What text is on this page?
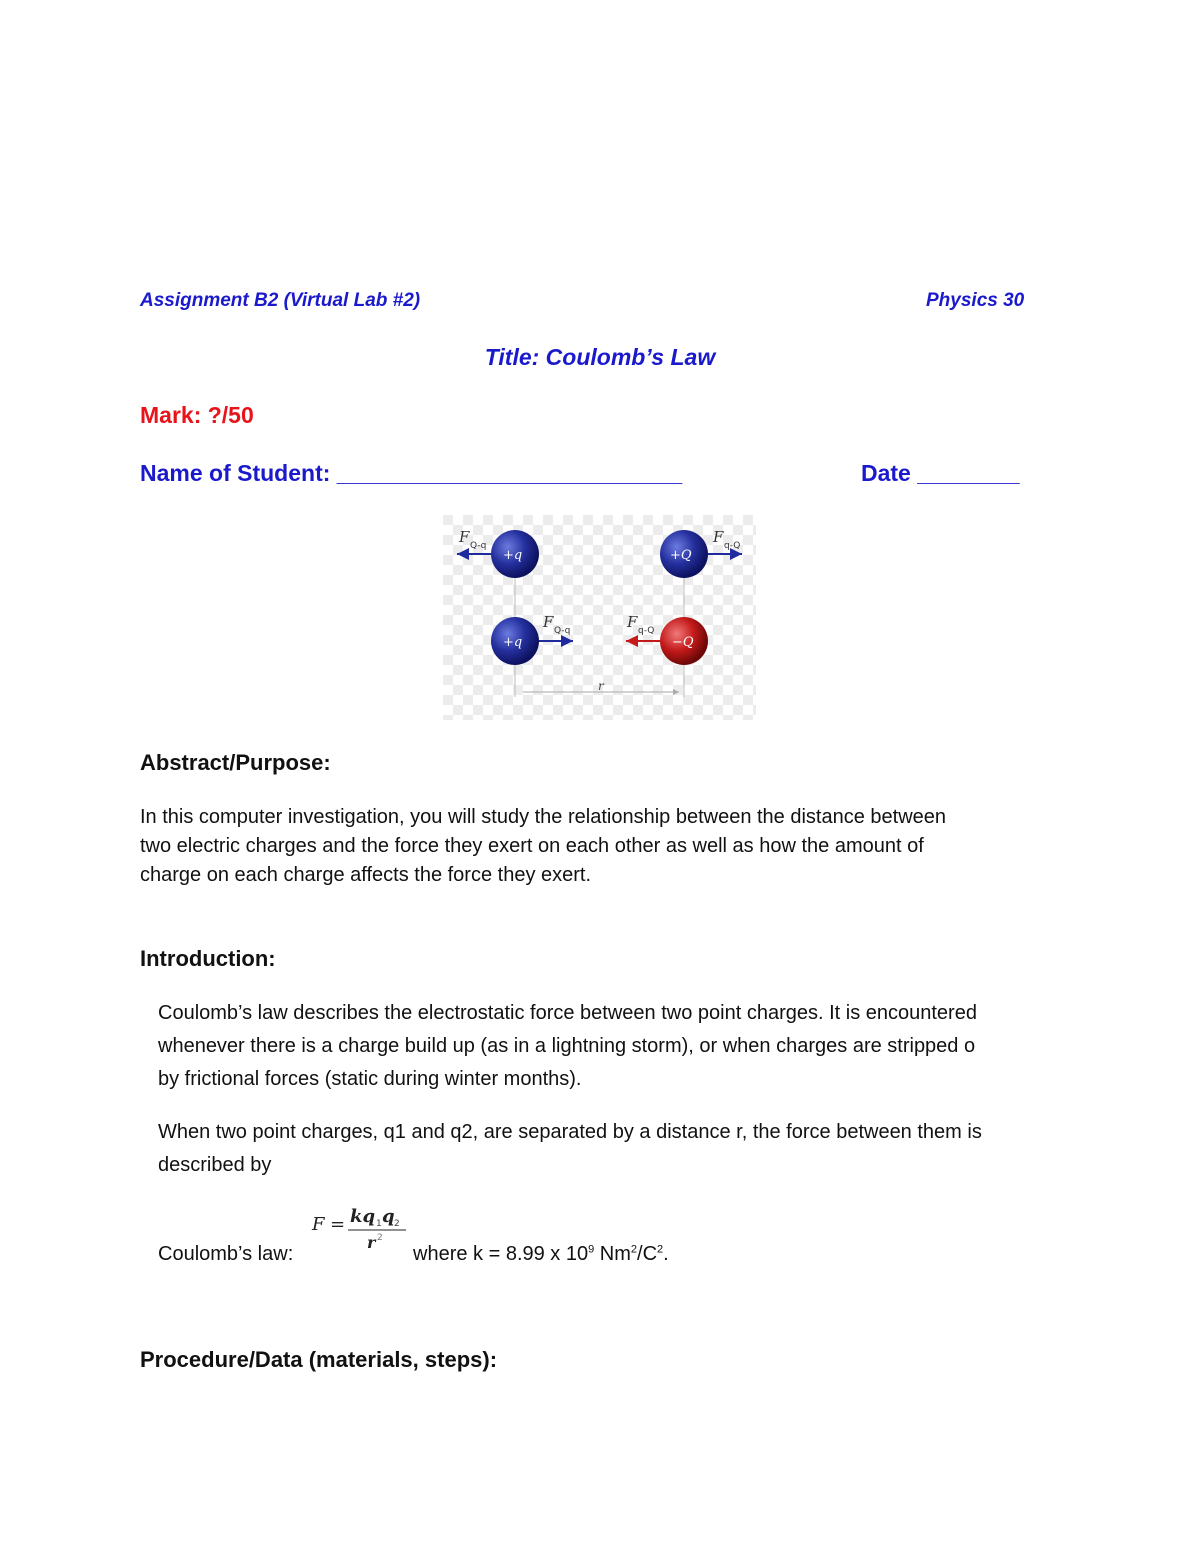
Assignment B2 (Virtual Lab #2)	Physics 30
Title: Coulomb’s Law
Mark: ?/50
Name of Student: ___________________________	Date ________
r
F Q-q
+q	+Q
F q-Q
+q
F Q-q	F q-Q
−Q
Abstract/Purpose:
In this computer investigation, you will study the relationship between the distance between
two electric charges and the force they exert on each other as well as how the amount of
charge on each charge affects the force they exert.
Introduction:
Coulomb’s law describes the electrostatic force between two point charges. It is encountered
whenever there is a charge build up (as in a lightning storm), or when charges are stripped o
by frictional forces (static during winter months).
When two point charges, q1 and q2, are separated by a distance r, the force between them is
described by
Coulomb’s law:
F = kq 1 q 2
r 2
where k = 8.99 x $10^9$ $Nm^2/C^2$.
Procedure/Data (materials, steps):
